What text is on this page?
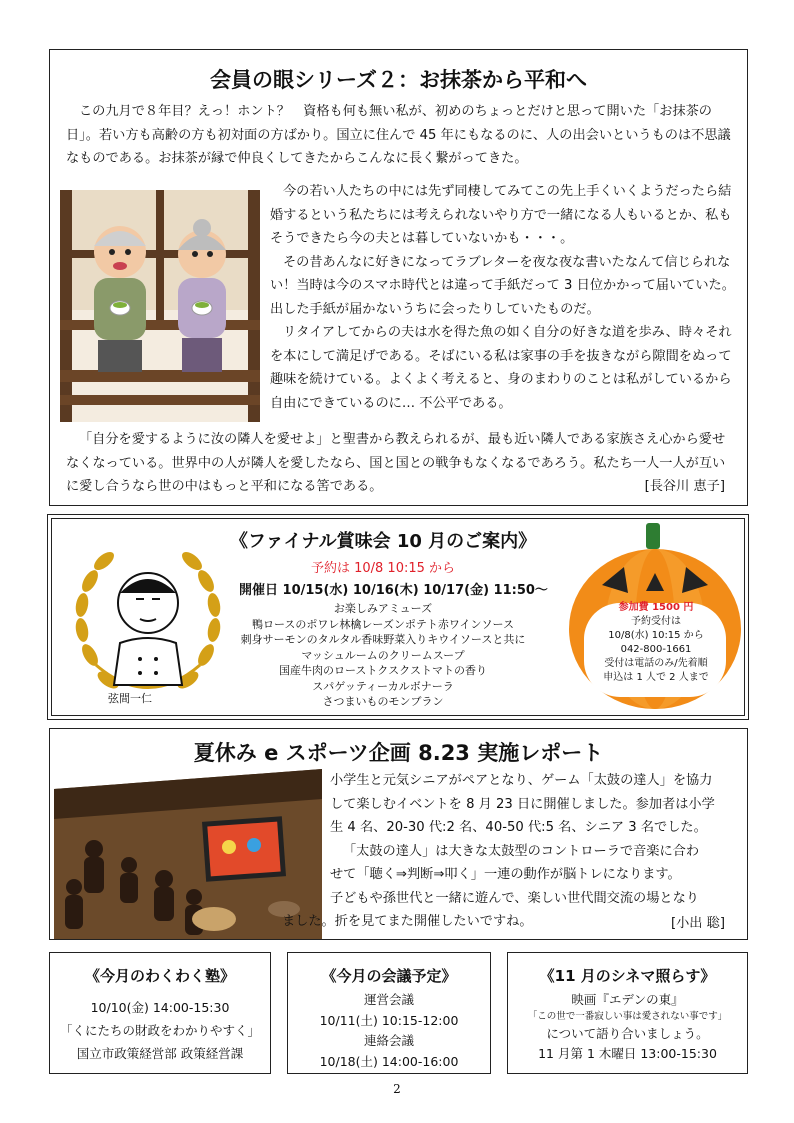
会員の眼シリーズ２：お抹茶から平和へ

この九月で８年目？えっ！ホント？　資格も何も無い私が、初めのちょっとだけと思って開いた「お抹茶の日」。若い方も高齢の方も初対面の方ばかり。国立に住んで 45 年にもなるのに、人の出会いというものは不思議なものである。お抹茶が縁で仲良くしてきたからこんなに長く繋がってきた。

今の若い人たちの中には先ず同棲してみてこの先上手くいくようだったら結婚するという私たちには考えられないやり方で一緒になる人もいるとか、私もそうできたら今の夫とは暮していないかも・・・。

その昔あんなに好きになってラブレターを夜な夜な書いたなんて信じられない！当時は今のスマホ時代とは違って手紙だって 3 日位かかって届いていた。出した手紙が届かないうちに会ったりしていたものだ。

リタイアしてからの夫は水を得た魚の如く自分の好きな道を歩み、時々それを本にして満足げである。そばにいる私は家事の手を抜きながら隙間をぬって趣味を続けている。よくよく考えると、身のまわりのことは私がしているから自由にできているのに… 不公平である。

「自分を愛するように汝の隣人を愛せよ」と聖書から教えられるが、最も近い隣人である家族さえ心から愛せなくなっている。世界中の人が隣人を愛したなら、国と国との戦争もなくなるであろう。私たち一人一人が互いに愛し合うなら世の中はもっと平和になる筈である。	[長谷川 恵子]
弦間一仁
《ファイナル賞味会 10 月のご案内》
予約は 10/8 10:15 から
開催日 10/15(水) 10/16(木) 10/17(金) 11:50～
お楽しみアミューズ
鴨ロースのポワレ林檎レーズンポテト赤ワインソース
刺身サーモンのタルタル香味野菜入りキウイソースと共に
マッシュルームのクリームスープ
国産牛肉のローストクスクストマトの香り
スパゲッティーカルボナーラ
さつまいものモンブラン
参加費 1500 円
予約受付は
10/8(水) 10:15 から
042-800-1661
受付は電話のみ/先着順
申込は 1 人で 2 人まで
夏休み e スポーツ企画 8.23 実施レポート
小学生と元気シニアがペアとなり、ゲーム「太鼓の達人」を協力
して楽しむイベントを 8 月 23 日に開催しました。参加者は小学
生 4 名、20-30 代:2 名、40-50 代:5 名、シニア 3 名でした。
「太鼓の達人」は大きな太鼓型のコントローラで音楽に合わ
せて「聴く⇒判断⇒叩く」一連の動作が脳トレになります。
子どもや孫世代と一緒に遊んで、楽しい世代間交流の場となり
ました。折を見てまた開催したいですね。	[小出 聡]
《今月のわくわく塾》
10/10(金) 14:00-15:30
「くにたちの財政をわかりやすく」
国立市政策経営部 政策経営課
《今月の会議予定》
運営会議
10/11(土) 10:15-12:00
連絡会議
10/18(土) 14:00-16:00
《11 月のシネマ照らす》
映画『エデンの東』
「この世で一番寂しい事は愛されない事です」
について語り合いましょう。
11 月第 1 木曜日 13:00-15:30
2
